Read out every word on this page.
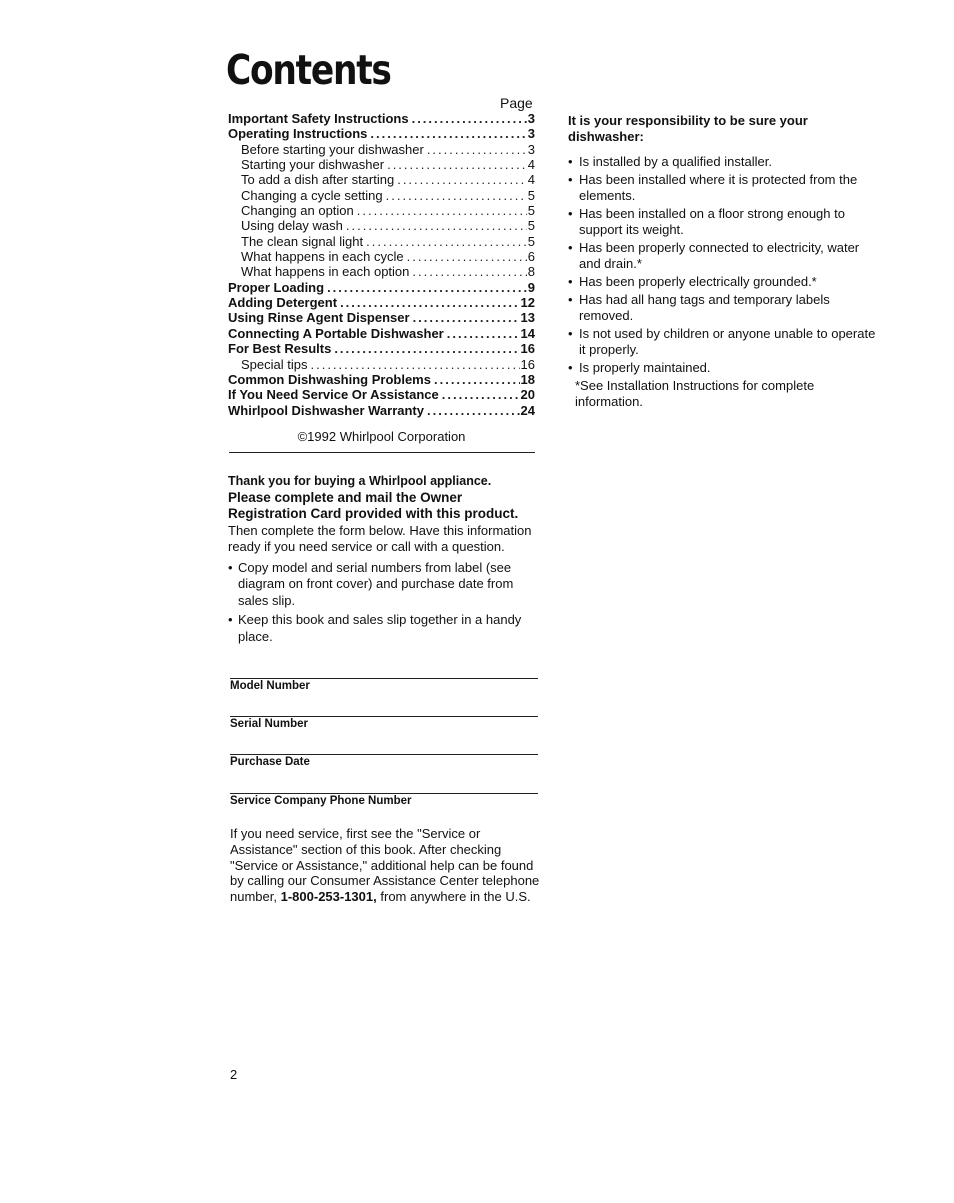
Contents
Page
Important Safety Instructions .....	3
Operating Instructions .....	3
Before starting your dishwasher .....	3
Starting your dishwasher .....	4
To add a dish after starting .....	4
Changing a cycle setting .....	5
Changing an option .....	5
Using delay wash .....	5
The clean signal light .....	5
What happens in each cycle .....	6
What happens in each option .....	8
Proper Loading .....	9
Adding Detergent .....	12
Using Rinse Agent Dispenser .....	13
Connecting A Portable Dishwasher .....	14
For Best Results .....	16
Special tips .....	16
Common Dishwashing Problems .....	18
If You Need Service Or Assistance .....	20
Whirlpool Dishwasher Warranty .....	24
©1992 Whirlpool Corporation
Thank you for buying a Whirlpool appliance.
Please complete and mail the Owner Registration Card provided with this product.
Then complete the form below. Have this information ready if you need service or call with a question.
• Copy model and serial numbers from label (see diagram on front cover) and purchase date from sales slip.
• Keep this book and sales slip together in a handy place.
Model Number
Serial Number
Purchase Date
Service Company Phone Number
If you need service, first see the "Service or Assistance" section of this book. After checking "Service or Assistance," additional help can be found by calling our Consumer Assistance Center telephone number, 1-800-253-1301, from anywhere in the U.S.
It is your responsibility to be sure your dishwasher:
• Is installed by a qualified installer.
• Has been installed where it is protected from the elements.
• Has been installed on a floor strong enough to support its weight.
• Has been properly connected to electricity, water and drain.*
• Has been properly electrically grounded.*
• Has had all hang tags and temporary labels removed.
• Is not used by children or anyone unable to operate it properly.
• Is properly maintained.
*See Installation Instructions for complete information.
2
